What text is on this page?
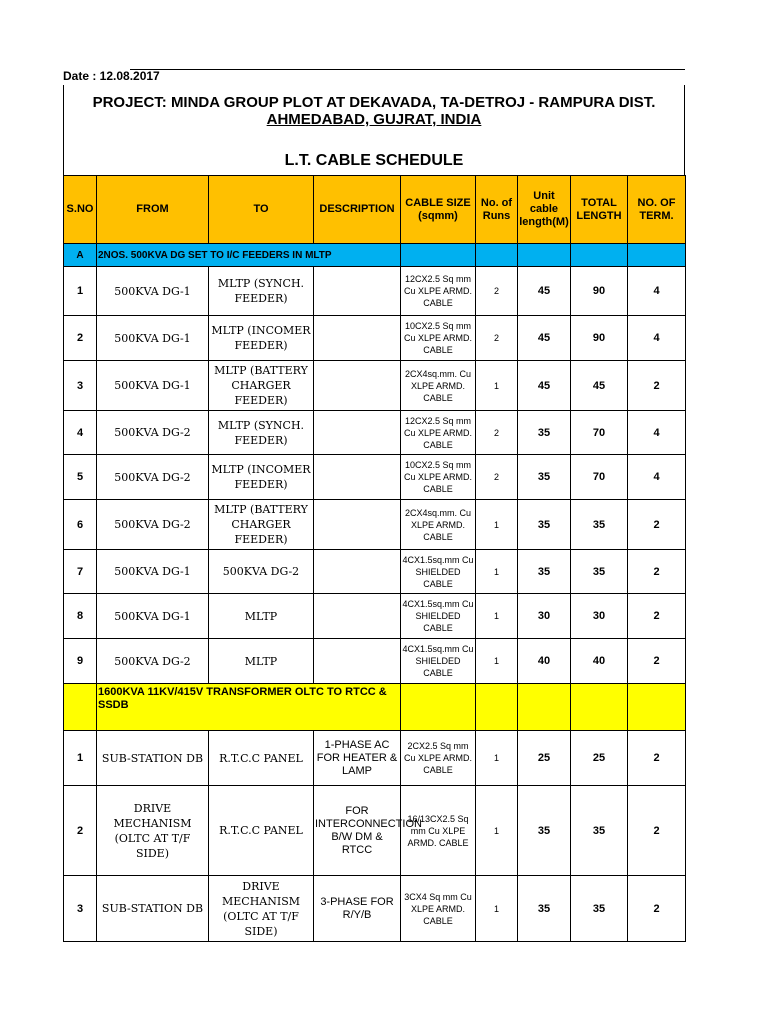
Date : 12.08.2017
PROJECT: MINDA GROUP PLOT AT DEKAVADA, TA-DETROJ - RAMPURA DIST.
AHMEDABAD, GUJRAT, INDIA
L.T. CABLE SCHEDULE
S.NO	FROM	TO	DESCRIPTION	CABLE SIZE (sqmm)	No. of Runs	Unit cable length(M)	TOTAL LENGTH	NO. OF TERM.
A	2NOS. 500KVA DG SET TO I/C FEEDERS IN MLTP							
1	500KVA DG-1	MLTP (SYNCH. FEEDER)		12CX2.5 Sq mm Cu XLPE ARMD. CABLE	2	45	90	4
2	500KVA DG-1	MLTP (INCOMER FEEDER)		10CX2.5 Sq mm Cu XLPE ARMD. CABLE	2	45	90	4
3	500KVA DG-1	MLTP (BATTERY CHARGER FEEDER)		2CX4sq.mm. Cu XLPE ARMD. CABLE	1	45	45	2
4	500KVA DG-2	MLTP (SYNCH. FEEDER)		12CX2.5 Sq mm Cu XLPE ARMD. CABLE	2	35	70	4
5	500KVA DG-2	MLTP (INCOMER FEEDER)		10CX2.5 Sq mm Cu XLPE ARMD. CABLE	2	35	70	4
6	500KVA DG-2	MLTP (BATTERY CHARGER FEEDER)		2CX4sq.mm. Cu XLPE ARMD. CABLE	1	35	35	2
7	500KVA DG-1	500KVA DG-2		4CX1.5sq.mm Cu SHIELDED CABLE	1	35	35	2
8	500KVA DG-1	MLTP		4CX1.5sq.mm Cu SHIELDED CABLE	1	30	30	2
9	500KVA DG-2	MLTP		4CX1.5sq.mm Cu SHIELDED CABLE	1	40	40	2
	1600KVA 11KV/415V TRANSFORMER OLTC TO RTCC & SSDB							
1	SUB-STATION DB	R.T.C.C PANEL	1-PHASE AC FOR HEATER & LAMP	2CX2.5 Sq mm Cu XLPE ARMD. CABLE	1	25	25	2
2	DRIVE MECHANISM (OLTC AT T/F SIDE)	R.T.C.C PANEL	FOR INTERCONNECTION B/W DM & RTCC	16/13CX2.5 Sq mm Cu XLPE ARMD. CABLE	1	35	35	2
3	SUB-STATION DB	DRIVE MECHANISM (OLTC AT T/F SIDE)	3-PHASE FOR R/Y/B	3CX4 Sq mm Cu XLPE ARMD. CABLE	1	35	35	2
